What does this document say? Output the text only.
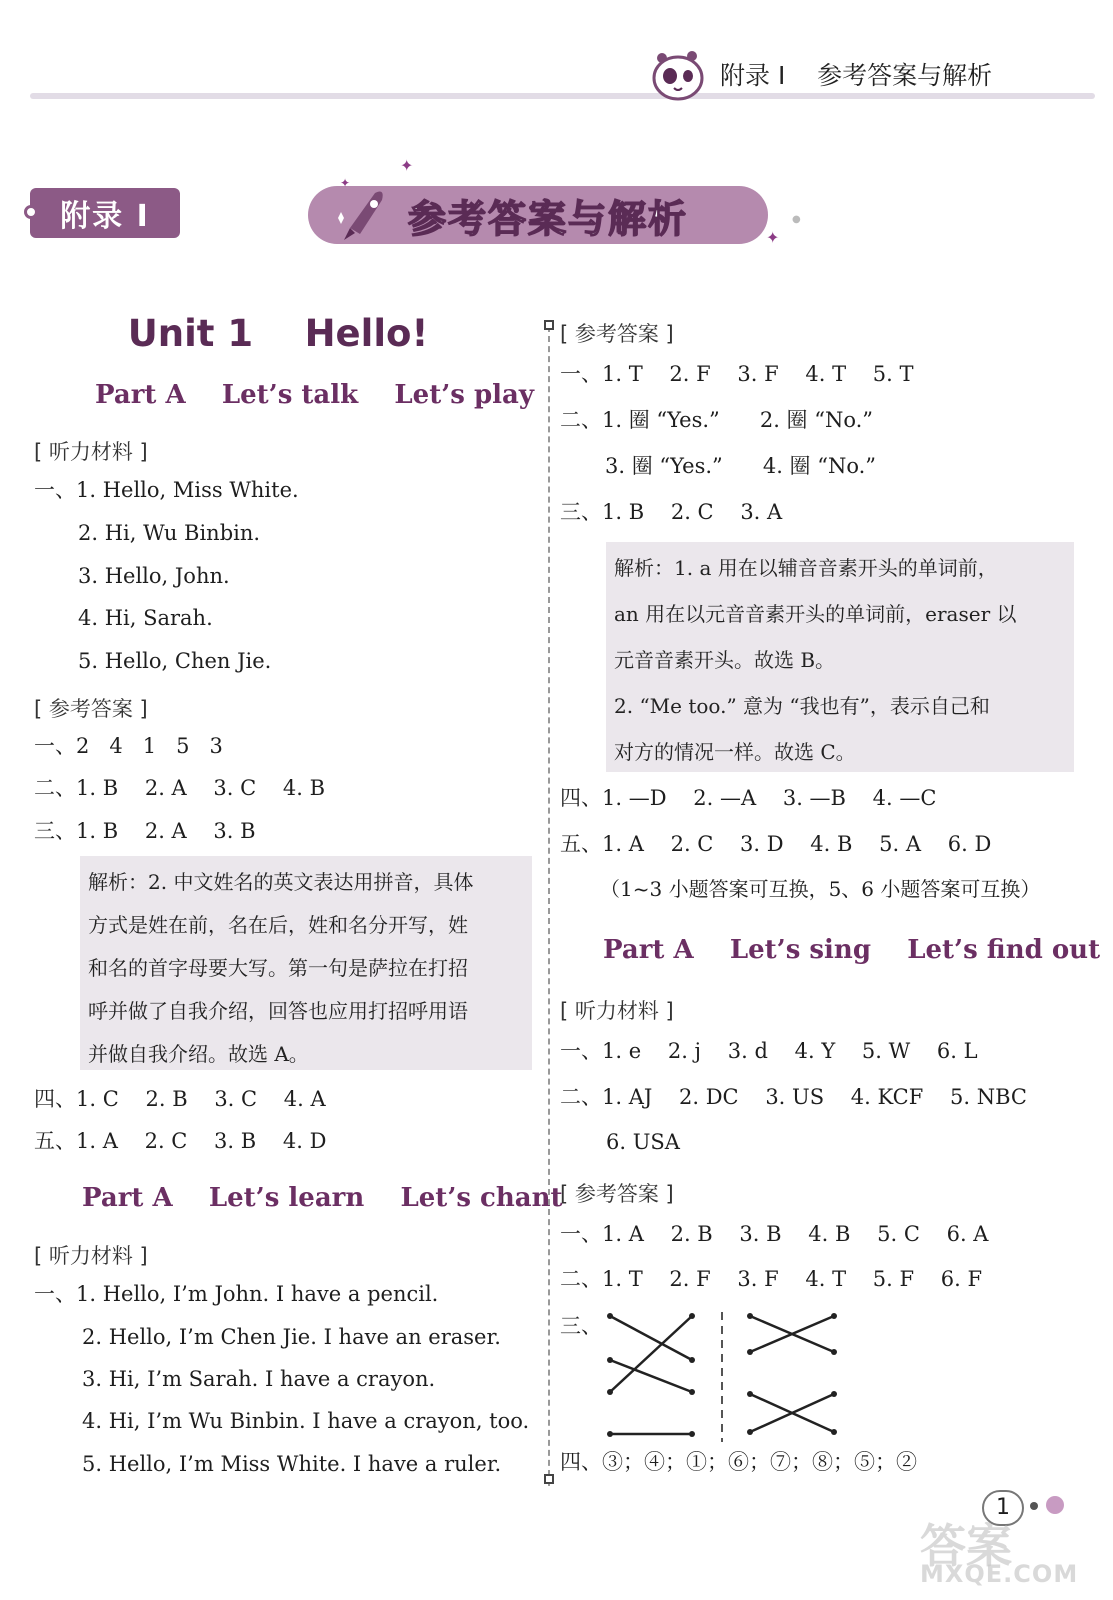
附录 I 参考答案与解析
附录 I	参考答案与解析
✦
✦
✦
●
Unit 1    Hello!
Part A    Let’s talk    Let’s play
[ 听力材料 ]
一、1. Hello, Miss White.
2. Hi, Wu Binbin.
3. Hello, John.
4. Hi, Sarah.
5. Hello, Chen Jie.
[ 参考答案 ]
一、2   4   1   5   3
二、1. B    2. A    3. C    4. B
三、1. B    2. A    3. B
解析：2. 中文姓名的英文表达用拼音，具体
方式是姓在前，名在后，姓和名分开写，姓
和名的首字母要大写。第一句是萨拉在打招
呼并做了自我介绍，回答也应用打招呼用语
并做自我介绍。故选 A。
四、1. C    2. B    3. C    4. A
五、1. A    2. C    3. B    4. D
Part A    Let’s learn    Let’s chant
[ 听力材料 ]
一、1. Hello, I’m John. I have a pencil.
2. Hello, I’m Chen Jie. I have an eraser.
3. Hi, I’m Sarah. I have a crayon.
4. Hi, I’m Wu Binbin. I have a crayon, too.
5. Hello, I’m Miss White. I have a ruler.
[ 参考答案 ]
一、1. T    2. F    3. F    4. T    5. T
二、1. 圈 “Yes.”      2. 圈 “No.”
3. 圈 “Yes.”      4. 圈 “No.”
三、1. B    2. C    3. A
解析：1. a 用在以辅音音素开头的单词前，
an 用在以元音音素开头的单词前，eraser 以
元音音素开头。故选 B。
2. “Me too.” 意为 “我也有”，表示自己和
对方的情况一样。故选 C。
四、1. —D    2. —A    3. —B    4. —C
五、1. A    2. C    3. D    4. B    5. A    6. D
（1~3 小题答案可互换，5、6 小题答案可互换）
Part A    Let’s sing    Let’s find out
[ 听力材料 ]
一、1. e    2. j    3. d    4. Y    5. W    6. L
二、1. AJ    2. DC    3. US    4. KCF    5. NBC
6. USA
[ 参考答案 ]
一、1. A    2. B    3. B    4. B    5. C    6. A
二、1. T    2. F    3. F    4. T    5. F    6. F
三、
四、③；④；①；⑥；⑦；⑧；⑤；②
1
答案
MXQE.COM
